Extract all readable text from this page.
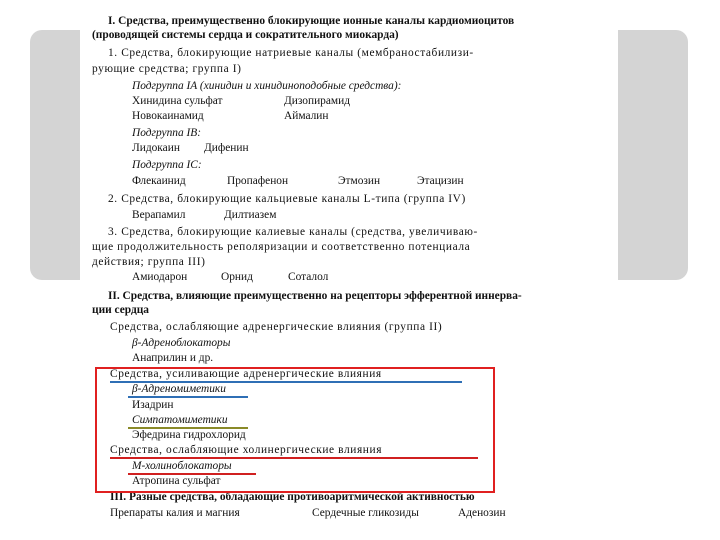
I. Средства, преимущественно блокирующие ионные каналы кардиомиоцитов
(проводящей системы сердца и сократительного миокарда)
1. Средства, блокирующие натриевые каналы (мембраностабилизи-
рующие средства; группа I)
Подгруппа IA (хинидин и хинидиноподобные средства):
Хинидина сульфат	Дизопирамид
Новокаинамид	Аймалин
Подгруппа IB:
Лидокаин	Дифенин
Подгруппа IC:
Флекаинид	Пропафенон	Этмозин	Этацизин
2. Средства, блокирующие кальциевые каналы L-типа (группа IV)
Верапамил	Дилтиазем
3. Средства, блокирующие калиевые каналы (средства, увеличиваю-
щие продолжительность реполяризации и соответственно потенциала
действия; группа III)
Амиодарон	Орнид	Соталол
II. Средства, влияющие преимущественно на рецепторы эфферентной иннерва-
ции сердца
Средства, ослабляющие адренергические влияния (группа II)
β-Адреноблокаторы
Анаприлин и др.
Средства, усиливающие адренергические влияния
β-Адреномиметики
Изадрин
Симпатомиметики
Эфедрина гидрохлорид
Средства, ослабляющие холинергические влияния
М-холиноблокаторы
Атропина сульфат
III. Разные средства, обладающие противоаритмической активностью
Препараты калия и магния	Сердечные гликозиды	Аденозин
